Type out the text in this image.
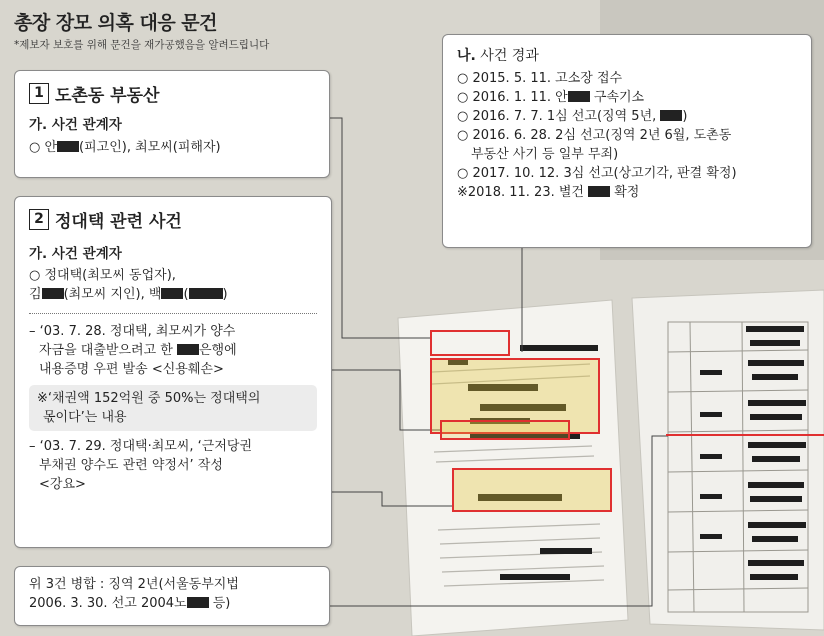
총장 장모 의혹 대응 문건
*제보자 보호를 위해 문건을 재가공했음을 알려드립니다
1 도촌동 부동산
가. 사건 관계자
○ 안 (피고인), 최모씨(피해자)
2 정대택 관련 사건
가. 사건 관계자
○ 정대택(최모씨 동업자),
김 (최모씨 지인), 백 (	)
– ‘03. 7. 28. 정대택, 최모씨가 양수
자금을 대출받으려고 한 은행에
내용증명 우편 발송 <신용훼손>
※‘채권액 152억원 중 50%는 정대택의
몫이다’는 내용
– ‘03. 7. 29. 정대택·최모씨, ‘근저당권
부채권 양수도 관련 약정서’ 작성
<강요>
위 3건 병합 : 징역 2년(서울동부지법
2006. 3. 30. 선고 2004노 등)
나. 사건 경과
○ 2015. 5. 11. 고소장 접수
○ 2016. 1. 11. 안 구속기소
○ 2016. 7. 7. 1심 선고(징역 5년, )
○ 2016. 6. 28. 2심 선고(징역 2년 6월, 도촌동
부동산 사기 등 일부 무죄)
○ 2017. 10. 12. 3심 선고(상고기각, 판결 확정)
※2018. 11. 23. 별건  확정
